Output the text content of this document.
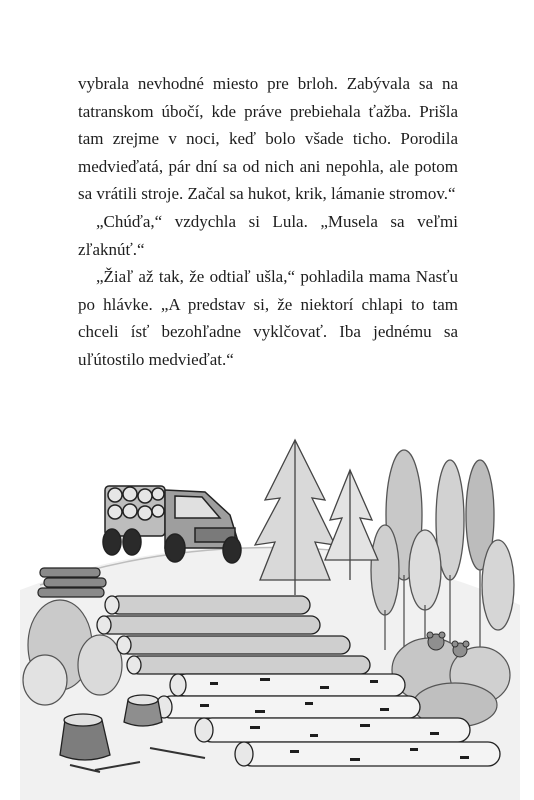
vybrala nevhodné miesto pre brloh. Zabývala sa na tatranskom úbočí, kde práve prebiehala ťažba. Prišla tam zrejme v noci, keď bolo všade ticho. Porodila medvieďatá, pár dní sa od nich ani nepohla, ale potom sa vrátili stroje. Začal sa hukot, krik, lámanie stromov.“

„Chúďa,“ vzdychla si Lula. „Musela sa veľmi zľaknúť.“

„Žiaľ až tak, že odtiaľ ušla,“ pohladila mama Nasťu po hlávke. „A predstav si, že niektorí chlapi to tam chceli ísť bezohľadne vyklčovať. Iba jednému sa uľútostilo medvieďat.“
